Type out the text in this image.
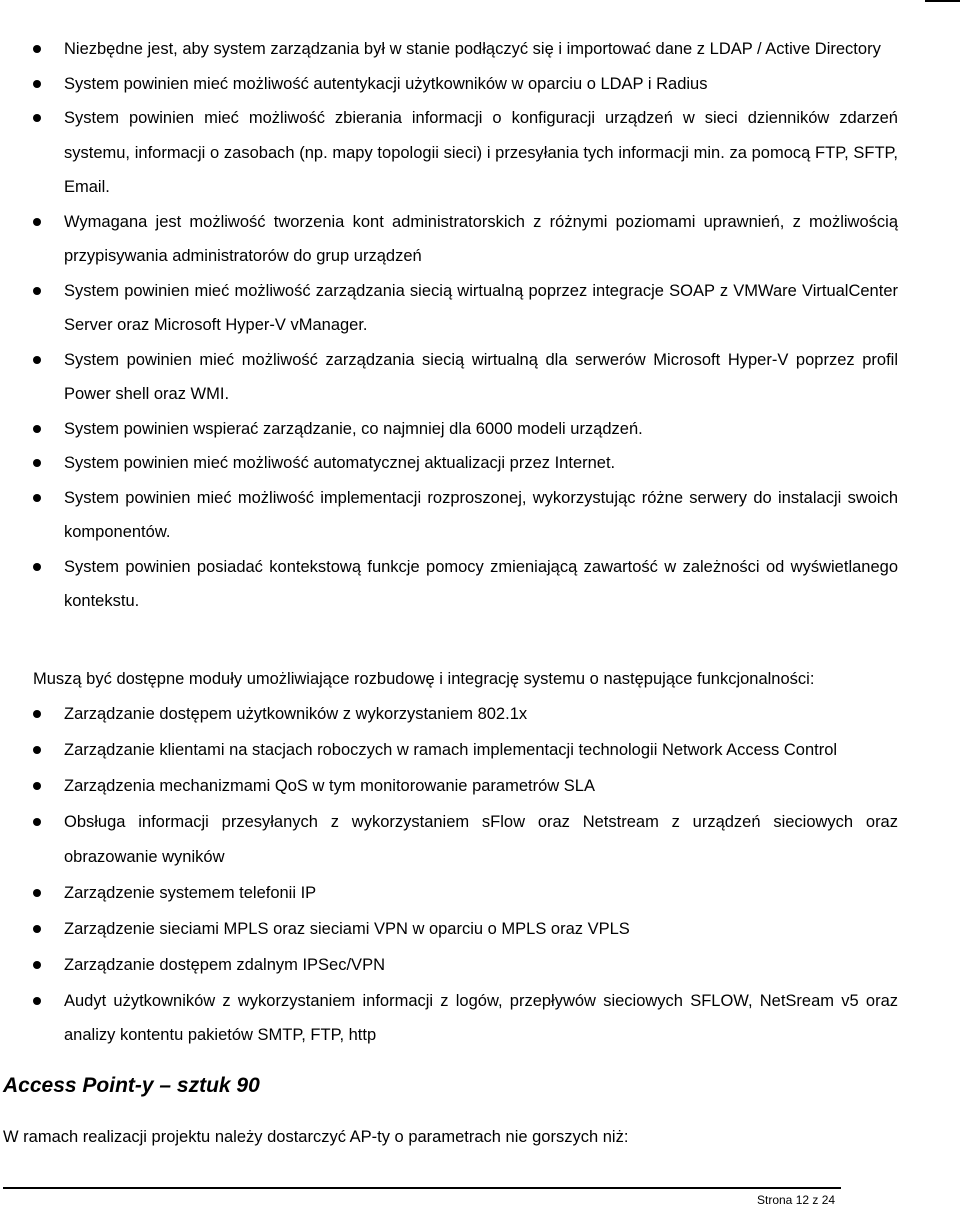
Niezbędne jest, aby system zarządzania był w stanie podłączyć się i importować dane z LDAP / Active Directory
System powinien mieć możliwość autentykacji użytkowników w oparciu o LDAP i Radius
System powinien mieć możliwość zbierania informacji o konfiguracji urządzeń w sieci dzienników zdarzeń systemu, informacji o zasobach (np. mapy topologii sieci) i przesyłania tych informacji min. za pomocą FTP, SFTP, Email.
Wymagana jest możliwość tworzenia kont administratorskich z różnymi poziomami uprawnień, z możliwością przypisywania administratorów do grup urządzeń
System powinien mieć możliwość zarządzania siecią wirtualną poprzez integracje SOAP z VMWare VirtualCenter Server oraz Microsoft Hyper-V vManager.
System powinien mieć możliwość zarządzania siecią wirtualną dla serwerów Microsoft Hyper-V poprzez profil Power shell oraz WMI.
System powinien wspierać zarządzanie, co najmniej dla 6000 modeli urządzeń.
System powinien mieć możliwość automatycznej aktualizacji przez Internet.
System powinien mieć możliwość implementacji rozproszonej, wykorzystując różne serwery do instalacji swoich komponentów.
System powinien posiadać kontekstową funkcje pomocy zmieniającą zawartość w zależności od wyświetlanego kontekstu.
Muszą być dostępne moduły umożliwiające rozbudowę i integrację systemu o następujące funkcjonalności:
Zarządzanie dostępem użytkowników z wykorzystaniem 802.1x
Zarządzanie klientami na stacjach roboczych w ramach implementacji technologii Network Access Control
Zarządzenia mechanizmami QoS w tym monitorowanie parametrów SLA
Obsługa informacji przesyłanych z wykorzystaniem sFlow oraz Netstream z urządzeń sieciowych oraz obrazowanie wyników
Zarządzenie systemem telefonii IP
Zarządzenie sieciami MPLS oraz sieciami VPN w oparciu o MPLS oraz VPLS
Zarządzanie dostępem zdalnym IPSec/VPN
Audyt użytkowników z wykorzystaniem informacji z logów, przepływów sieciowych SFLOW, NetSream v5 oraz analizy kontentu pakietów SMTP, FTP, http
Access Point-y – sztuk 90
W ramach realizacji projektu należy dostarczyć AP-ty o parametrach nie gorszych niż:
Strona 12 z 24
